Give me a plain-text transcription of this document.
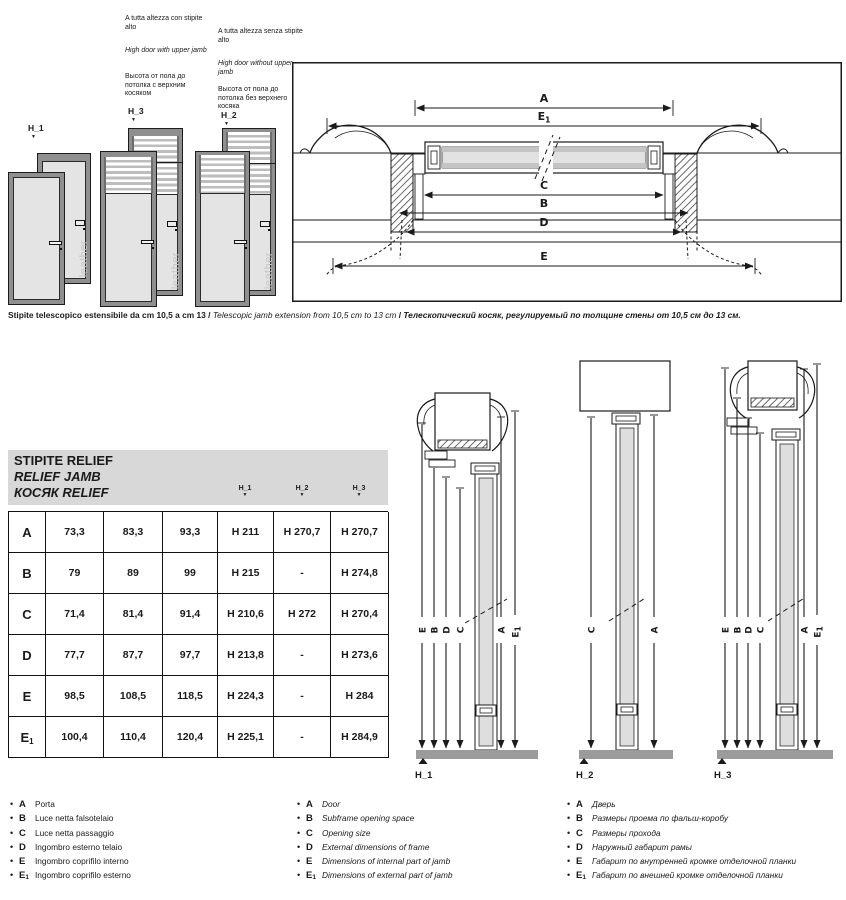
A tutta altezza con stipite alto
High door with upper jamb
Высота от пола до потолка с верхним косяком
H_3
▼
A tutta altezza senza stipite alto
High door without upper jamb
Высота от пола до потолка без верхнего косяка
H_2
▼
H_1
▼
leather	leather	leather
A
$E_1$
C
B
D
E
Stipite telescopico estensibile da cm 10,5 a cm 13 / Telescopic jamb extension from 10,5 cm to 13 cm / Телескопический косяк, регулируемый по толщине стены от 10,5 см до 13 см.
STIPITE RELIEF
RELIEF JAMB
КОСЯК RELIEF	H_1
▼
H_2
▼
H_3
▼
A	73,3	83,3	93,3	H 211	H 270,7	H 270,7
B	79	89	99	H 215	-	H 274,8
C	71,4	81,4	91,4	H 210,6	H 272	H 270,4
D	77,7	87,7	97,7	H 213,8	-	H 273,6
E	98,5	108,5	118,5	H 224,3	-	H 284
E 1	100,4	110,4	120,4	H 225,1	-	H 284,9
E B D C	A
$E_1$
H_1
C	A
H_2
E B D C	A
$E_1$
H_3
• A Porta
• B Luce netta falsotelaio
• C Luce netta passaggio
• D Ingombro esterno telaio
• E Ingombro coprifilo interno
• E 1 Ingombro coprifilo esterno
• A Door
• B Subframe opening space
• C Opening size
• D External dimensions of frame
• E Dimensions of internal part of jamb
• E 1 Dimensions of external part of jamb
• A Дверь
• B Размеры проема по фальш-коробу
• C Размеры прохода
• D Наружный габарит рамы
• E Габарит по внутренней кромке отделочной планки
• E 1 Габарит по внешней кромке отделочной планки
